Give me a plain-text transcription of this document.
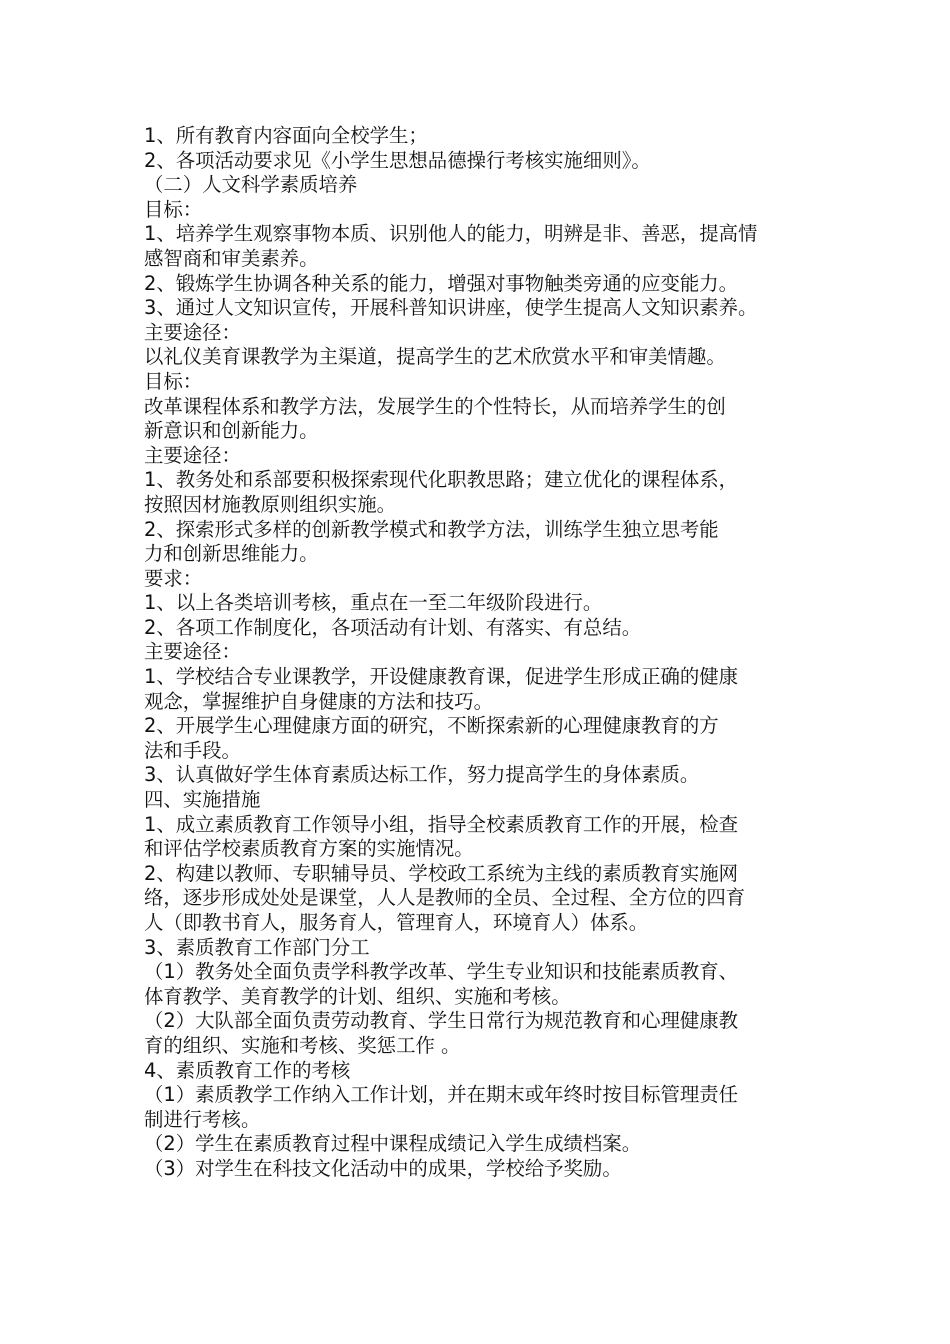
1、所有教育内容面向全校学生；
2、各项活动要求见《小学生思想品德操行考核实施细则》。
（二）人文科学素质培养
目标：
1、培养学生观察事物本质、识别他人的能力，明辨是非、善恶，提高情
感智商和审美素养。
2、锻炼学生协调各种关系的能力，增强对事物触类旁通的应变能力。
3、通过人文知识宣传，开展科普知识讲座，使学生提高人文知识素养。
主要途径：
以礼仪美育课教学为主渠道，提高学生的艺术欣赏水平和审美情趣。
目标：
改革课程体系和教学方法，发展学生的个性特长，从而培养学生的创
新意识和创新能力。
主要途径：
1、教务处和系部要积极探索现代化职教思路；建立优化的课程体系，
按照因材施教原则组织实施。
2、探索形式多样的创新教学模式和教学方法，训练学生独立思考能
力和创新思维能力。
要求：
1、以上各类培训考核，重点在一至二年级阶段进行。
2、各项工作制度化，各项活动有计划、有落实、有总结。
主要途径：
1、学校结合专业课教学，开设健康教育课，促进学生形成正确的健康
观念，掌握维护自身健康的方法和技巧。
2、开展学生心理健康方面的研究，不断探索新的心理健康教育的方
法和手段。
3、认真做好学生体育素质达标工作，努力提高学生的身体素质。
四、实施措施
1、成立素质教育工作领导小组，指导全校素质教育工作的开展，检查
和评估学校素质教育方案的实施情况。
2、构建以教师、专职辅导员、学校政工系统为主线的素质教育实施网
络，逐步形成处处是课堂，人人是教师的全员、全过程、全方位的四育
人（即教书育人，服务育人，管理育人，环境育人）体系。
3、素质教育工作部门分工
（1）教务处全面负责学科教学改革、学生专业知识和技能素质教育、
体育教学、美育教学的计划、组织、实施和考核。
（2）大队部全面负责劳动教育、学生日常行为规范教育和心理健康教
育的组织、实施和考核、奖惩工作 。
4、素质教育工作的考核
（1）素质教学工作纳入工作计划，并在期末或年终时按目标管理责任
制进行考核。
（2）学生在素质教育过程中课程成绩记入学生成绩档案。
（3）对学生在科技文化活动中的成果，学校给予奖励。
